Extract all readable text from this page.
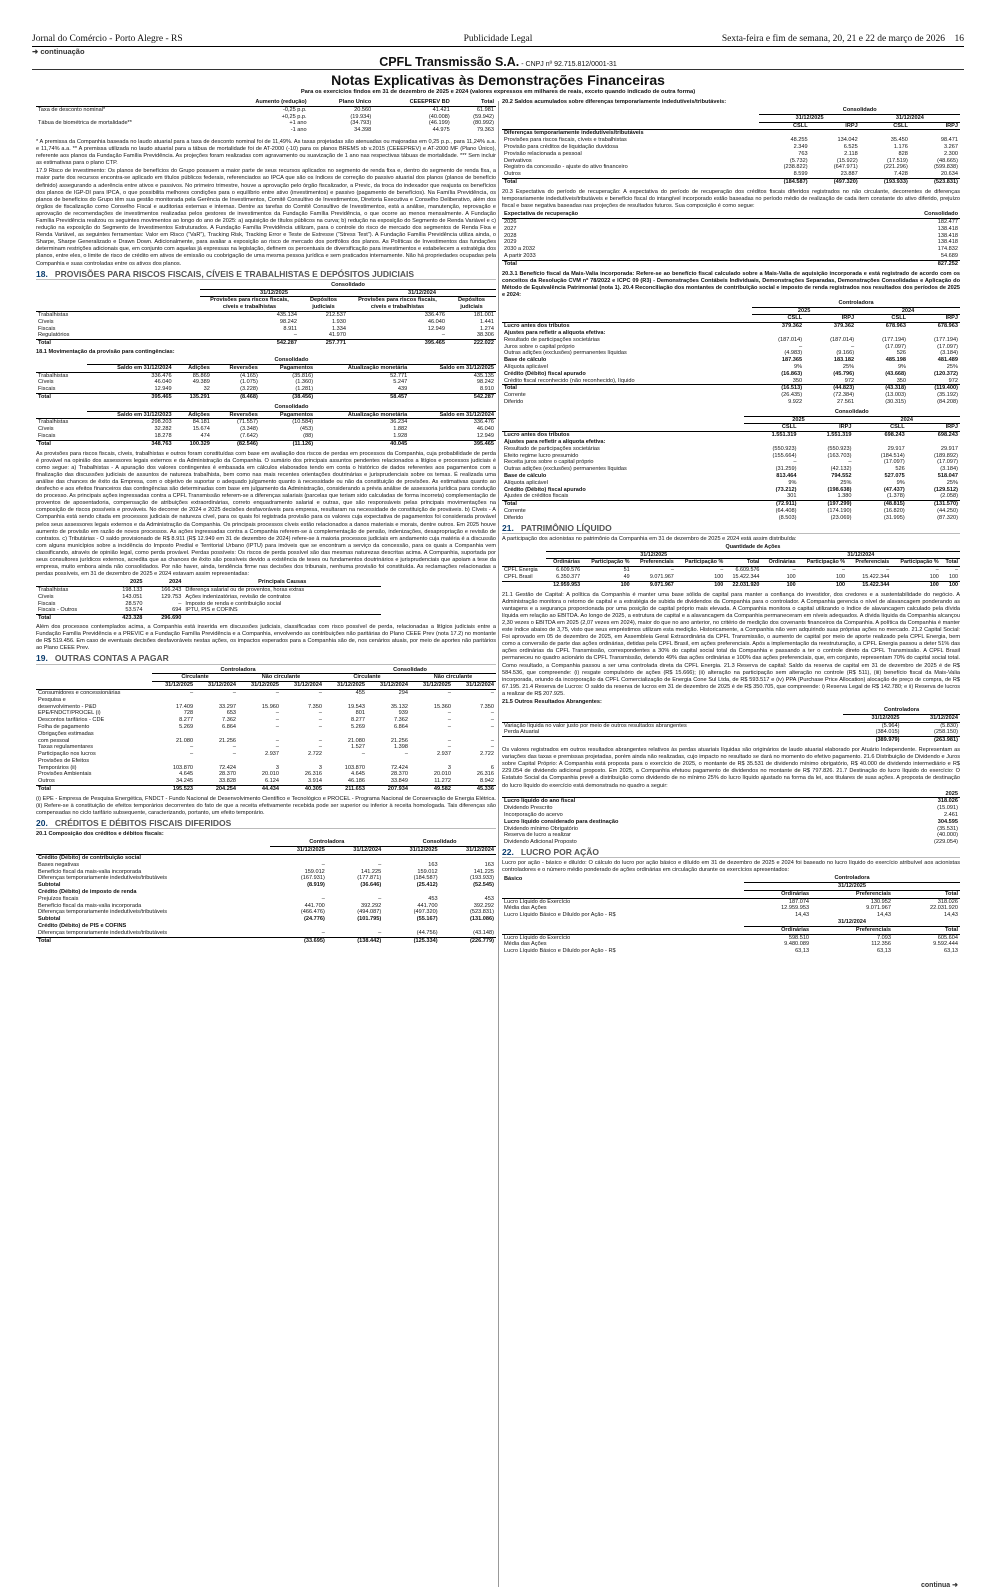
Jornal do Comércio - Porto Alegre - RS	Publicidade Legal	Sexta-feira e fim de semana, 20, 21 e 22 de março de 2026 16
➜ continuação
CPFL Transmissão S.A. - CNPJ nº 92.715.812/0001-31
Notas Explicativas às Demonstrações Financeiras
Para os exercícios findos em 31 de dezembro de 2025 e 2024 (valores expressos em milhares de reais, exceto quando indicado de outra forma)
	Aumento (redução)	Plano Único	CEEEPREV BD	Total
Taxa de desconto nominal*	-0,25 p.p.	20.560	41.421	61.981
	+0,25 p.p.	(19.934)	(40.008)	(59.942)
Tábua de biométrica de mortalidade**	+1 ano	(34.793)	(46.199)	(80.992)
	-1 ano	34.398	44.975	79.363

* A premissa da Companhia baseada no laudo atuarial para a taxa de desconto nominal foi de 11,49%. As taxas projetadas são atenuadas ou majoradas em 0,25 p.p., para 11,24% a.a. e 11,74% a.a. ** A premissa utilizada no laudo atuarial para a tábua de mortalidade foi de AT-2000 (-10) para os planos BREMS sb v.2015 (CEEEPREV) e AT-2000 MF (Plano Único), referente aos planos da Fundação Família Previdência. As projeções foram realizadas com agravamento ou suavização de 1 ano nas respectivas tábuas de mortalidade. *** Sem incluir as estimativas para o plano CTP.

17.9 Risco de investimento: Os planos de benefícios do Grupo possuem a maior parte de seus recursos aplicados no segmento de renda fixa e, dentro do segmento de renda fixa, a maior parte dos recursos encontra-se aplicado em títulos públicos federais, referenciados ao IPCA que são os índices de correção do passivo atuarial dos planos (planos de benefício definido) assegurando a aderência entre ativos e passivos. No primeiro trimestre, houve a aprovação pelo órgão fiscalizador, a Previc, da troca do indexador que reajusta os benefícios dos planos de IGP-DI para IPCA, o que possibilita melhores condições para o equilíbrio entre ativo (investimentos) e passivo (pagamento de benefícios). Na Família Previdência, os planos de benefícios do Grupo têm sua gestão monitorada pela Gerência de Investimentos, Comitê Consultivo de Investimentos, Diretoria Executiva e Conselho Deliberativo, além dos órgãos de fiscalização como Conselho Fiscal e auditorias externas e internas. Dentre as tarefas do Comitê Consultivo de Investimentos, está a análise, manutenção, reprovação e aprovação de recomendações de investimentos realizadas pelos gestores de investimentos da Fundação Família Previdência, o que ocorre ao menos mensalmente. A Fundação Família Previdência realizou os seguintes movimentos ao longo do ano de 2025: a) aquisição de títulos públicos na curva; b) redução na exposição do Segmento de Renda Variável e c) redução na exposição do Segmento de Investimentos Estruturados. A Fundação Família Previdência utilizam, para o controle do risco de mercado dos segmentos de Renda Fixa e Renda Variável, as seguintes ferramentas: Valor em Risco (“VaR”), Tracking Risk, Tracking Error e Teste de Estresse (“Stress Test”). A Fundação Família Previdência utiliza ainda, o Sharpe, Sharpe Generalizado e Drawn Down. Adicionalmente, para avaliar a exposição ao risco de mercado dos portfólios dos planos. As Políticas de Investimentos das fundações determinam restrições adicionais que, em conjunto com aquelas já expressas na legislação, definem os percentuais de diversificação para investimentos e estabelecem a estratégia dos planos, entre eles, o limite de risco de crédito em ativos de emissão ou coobrigação de uma mesma pessoa jurídica e sem praticados internamente. Não há propriedades ocupadas pela Companhia e suas controladas entre os ativos dos planos.

18. PROVISÕES PARA RISCOS FISCAIS, CÍVEIS E TRABALHISTAS E DEPÓSITOS JUDICIAIS
	Consolidado			
	31/12/2025		31/12/2024	
	Provisões para riscos fiscais, cíveis e trabalhistas	Depósitos judiciais	Provisões para riscos fiscais, cíveis e trabalhistas	Depósitos judiciais
Trabalhistas	435.134	212.537	336.476	181.001
Cíveis	98.242	1.930	46.040	1.441
Fiscais	8.911	1.334	12.949	1.274
Regulatórios	–	41.970	–	38.306
Total	542.287	257.771	395.465	222.022

18.1 Movimentação da provisão para contingências:

	Consolidado					
	Saldo em 31/12/2024	Adições	Reversões	Pagamentos	Atualização monetária	Saldo em 31/12/2025
Trabalhistas	336.476	85.869	(4.165)	(35.816)	52.771	435.135
Cíveis	46.040	49.389	(1.075)	(1.360)	5.247	98.242
Fiscais	12.949	32	(3.228)	(1.281)	439	8.910
Total	395.465	135.291	(8.468)	(38.456)	58.457	542.287
	Consolidado					
	Saldo em 31/12/2023	Adições	Reversões	Pagamentos	Atualização monetária	Saldo em 31/12/2024
Trabalhistas	298.203	84.181	(71.557)	(10.584)	36.234	336.476
Cíveis	32.282	15.674	(3.348)	(453)	1.882	46.040
Fiscais	18.278	474	(7.642)	(88)	1.928	12.949
Total	348.763	100.329	(82.546)	(11.126)	40.045	395.465

As provisões para riscos fiscais, cíveis, trabalhistas e outros foram constituídas com base em avaliação dos riscos de perdas em processos da Companhia, cuja probabilidade de perda é provável na opinião dos assessores legais externos e da Administração da Companhia. O sumário dos principais assuntos pendentes relacionados a litígios e processos judiciais é como segue: a) Trabalhistas - A apuração dos valores contingentes é embasada em cálculos elaborados tendo em conta o histórico de dados referentes aos pagamentos com a finalização das discussões judiciais de assuntos de natureza trabalhista, bem como nas mais recentes orientações doutrinárias e jurisprudenciais sobre os temas. É realizada uma análise das chances de êxito da Empresa, com o objetivo de suportar o adequado julgamento quanto à necessidade ou não da constituição de provisões. As estimativas quanto ao desfecho e aos efeitos financeiros das contingências são determinadas com base em julgamento da Administração, considerando a prévia análise de assessoria jurídica para condução do processo. As principais ações ingressadas contra a CPFL Transmissão referem-se a diferenças salariais (parcelas que teriam sido calculadas de forma incorreta) complementação de proventos de aposentadoria, compensação de atribuições extraordinárias, correto enquadramento salarial e outras, que são responsáveis pelas principais movimentações na composição de riscos possíveis e prováveis. No decorrer de 2024 e 2025 decisões desfavoráveis para empresa, resultaram na necessidade de constituição de prováveis. b) Cíveis - A Companhia está sendo citada em processos judiciais de natureza cível, para os quais foi registrada provisão para os valores cuja expectativa de pagamentos foi considerada provável pelos seus assessores legais externos e da Administração da Companhia. Os principais processos cíveis estão relacionados a danos materiais e morais, dentre outros. Em 2025 houve aumento de provisão em razão de novos processos. As ações ingressadas contra a Companhia referem-se à complementação de pensão, indenizações, desapropriação e revisão de contratos. c) Tributárias - O saldo provisionado de R$ 8.911 (R$ 12.949 em 31 de dezembro de 2024) refere-se à maioria processos judiciais em andamento cuja matéria é a discussão com alguns municípios sobre a incidência do Imposto Predial e Territorial Urbano (IPTU) para imóveis que se encontram a serviço da concessão, para os quais a Companhia vem classificando, através de opinião legal, como perda provável. Perdas possíveis: Os riscos de perda possível são das mesmas naturezas descritas acima. A Companhia, suportada por seus consultores jurídicos externos, acredita que as chances de êxito são possíveis devido a existência de teses ou fundamentos doutrinários e jurisprudenciais que apoiam a tese da empresa, muito embora ainda não consolidados. Por não haver, ainda, tendência firme nas decisões dos tribunais, nenhuma provisão foi constituída. As reclamações relacionadas a perdas possíveis, em 31 de dezembro de 2025 e 2024 estavam assim representadas:

	2025	2024	Principais Causas
Trabalhistas	198.133	166.243	Diferença salarial ou de proventos, horas extras
Cíveis	143.051	129.753	Ações indenizatórias, revisão de contratos
Fiscais	28.570	–	Imposto de renda e contribuição social
Fiscais - Outros	53.574	694	IPTU, PIS e COFINS
Total	423.328	296.690	

Além dos processos contemplados acima, a Companhia está inserida em discussões judiciais, classificadas com risco possível de perda, relacionadas a litígios judiciais entre a Fundação Família Previdência e a PREVIC e a Fundação Família Previdência e a Companhia, envolvendo as contribuições não paritárias do Plano CEEE Prev (nota 17.2) no montante de R$ 519.456. Em caso de eventuais decisões desfavoráveis nestas ações, os impactos esperados para a Companhia são de, nos cenários atuais, por meio de aportes não paritários ao Plano CEEE Prev.

19. OUTRAS CONTAS A PAGAR
	Controladora				Consolidado			
	Circulante		Não circulante		Circulante		Não circulante	
	31/12/2025	31/12/2024	31/12/2025	31/12/2024	31/12/2025	31/12/2024	31/12/2025	31/12/2024
Consumidores e concessionárias	–	–	–	–	455	294	–	–
Pesquisa e								
desenvolvimento - P&D	17.409	33.297	15.960	7.350	19.543	35.132	15.360	7.350
EPE/FNDCT/PROCEL (i)	728	653	–	–	801	939	–	–
Descontos tarifários - CDE	8.277	7.362	–	–	8.277	7.362	–	–
Folha de pagamento	5.269	6.864	–	–	5.269	6.864	–	–
Obrigações estimadas								
com pessoal	21.080	21.256	–	–	21.080	21.256	–	–
Taxas regulamentares	–	–	–	–	1.527	1.398	–	–
Participação nos lucros	–	–	2.937	2.722	–	–	2.937	2.722
Provisões de Efeitos								
Temporários (ii)	103.870	72.424	3	3	103.870	72.424	3	6
Provisões Ambientais	4.645	28.370	20.010	26.316	4.645	28.370	20.010	26.316
Outros	34.245	33.828	6.124	3.914	46.186	33.849	11.272	8.942
Total	195.523	204.254	44.434	40.305	211.653	207.934	49.582	45.336

(i) EPE - Empresa de Pesquisa Energética, FNDCT - Fundo Nacional de Desenvolvimento Científico e Tecnológico e PROCEL - Programa Nacional de Conservação de Energia Elétrica. (ii) Refere-se à constituição de efeitos temporários decorrentes do fato de que a receita efetivamente recebida pode ser superior ou inferior à receita homologada. Tais diferenças são compensadas no ciclo tarifário subsequente, caracterizando, portanto, um efeito temporário.

20. CRÉDITOS E DÉBITOS FISCAIS DIFERIDOS

20.1 Composição dos créditos e débitos fiscais:

	Controladora		Consolidado	
	31/12/2025	31/12/2024	31/12/2025	31/12/2024
Crédito (Débito) de contribuição social				
Bases negativas	–	–	163	163
Benefício fiscal da mais-valia incorporada	159.012	141.225	159.012	141.225
Diferenças temporariamente indedutíveis/tributáveis	(167.931)	(177.871)	(184.587)	(193.933)
Subtotal	(8.919)	(36.646)	(25.412)	(52.545)
Crédito (Débito) de imposto de renda				
Prejuízos fiscais	–	–	453	453
Benefício fiscal da mais-valia incorporada	441.700	392.292	441.700	392.292
Diferenças temporariamente indedutíveis/tributáveis	(466.476)	(494.087)	(497.320)	(523.831)
Subtotal	(24.776)	(101.795)	(55.167)	(131.086)
Crédito (Débito) de PIS e COFINS				
Diferenças temporariamente indedutíveis/tributáveis	–	–	(44.756)	(43.148)
Total	(33.695)	(138.442)	(125.334)	(226.779)

20.2 Saldos acumulados sobre diferenças temporariamente indedutíveis/tributáveis:

	Consolidado			
	31/12/2025		31/12/2024	
	CSLL	IRPJ	CSLL	IRPJ
Diferenças temporariamente indedutíveis/tributáveis				
Provisões para riscos fiscais, cíveis e trabalhistas	48.255	134.042	35.450	98.471
Provisão para créditos de liquidação duvidosa	2.349	6.525	1.176	3.267
Provisão relacionada a pessoal	763	2.118	828	2.300
Derivativos	(5.732)	(15.922)	(17.519)	(48.665)
Registro da concessão - ajuste do ativo financeiro	(238.822)	(647.971)	(221.296)	(599.838)
Outros	8.599	23.887	7.428	20.634
Total	(184.587)	(497.320)	(193.933)	(523.831)

20.3 Expectativa do período de recuperação: A expectativa do período de recuperação dos créditos fiscais diferidos registrados no não circulante, decorrentes de diferenças temporariamente indedutíveis/tributáveis e benefício fiscal do intangível incorporado estão baseadas no período médio de realização de cada item constante do ativo diferido, prejuízo fiscal e base negativa baseadas nas projeções de resultados futuros. Sua composição é como segue:

Expectativa de recuperação	Consolidado
2026	182.477
2027	138.418
2028	138.418
2029	138.418
2030 a 2032	174.832
A partir 2033	54.689
Total	827.252

20.3.1 Benefício fiscal da Mais-Valia incorporada: Refere-se ao benefício fiscal calculado sobre a Mais-Valia de aquisição incorporada e está registrado de acordo com os conceitos da Resolução CVM nº 78/2022 e ICPC 09 (R3) - Demonstrações Contábeis Individuais, Demonstrações Separadas, Demonstrações Consolidadas e Aplicação do Método de Equivalência Patrimonial (nota 1). 20.4 Reconciliação dos montantes de contribuição social e imposto de renda registrados nos resultados dos períodos de 2025 e 2024:

	Controladora			
	2025		2024	
	CSLL	IRPJ	CSLL	IRPJ
Lucro antes dos tributos	379.362	379.362	678.963	678.963
Ajustes para refletir a alíquota efetiva:				
Resultado de participações societárias	(187.014)	(187.014)	(177.194)	(177.194)
Juros sobre o capital próprio	–	–	(17.097)	(17.097)
Outras adições (exclusões) permanentes líquidas	(4.983)	(9.166)	526	(3.184)
Base de cálculo	187.365	183.182	485.198	481.489
Alíquota aplicável	9%	25%	9%	25%
Crédito (Débito) fiscal apurado	(16.863)	(45.796)	(43.668)	(120.372)
Crédito fiscal reconhecido (não reconhecido), líquido	350	972	350	972
Total	(16.513)	(44.823)	(43.318)	(119.400)
Corrente	(26.435)	(72.384)	(13.003)	(35.192)
Diferido	9.922	27.561	(30.315)	(84.208)
	Consolidado			
	2025		2024	
	CSLL	IRPJ	CSLL	IRPJ
Lucro antes dos tributos	1.551.319	1.551.319	698.243	698.243
Ajustes para refletir a alíquota efetiva:				
Resultado de participações societárias	(550.923)	(550.923)	29.917	29.917
Efeito regime lucro presumido	(155.664)	(163.703)	(184.514)	(189.892)
Receita juros sobre o capital próprio	–	–	(17.097)	(17.097)
Outras adições (exclusões) permanentes líquidas	(31.259)	(42.132)	526	(3.184)
Base de cálculo	813.464	794.552	527.075	518.047
Alíquota aplicável	9%	25%	9%	25%
Crédito (Débito) fiscal apurado	(73.212)	(198.638)	(47.437)	(129.512)
Ajustes de créditos fiscais	301	1.380	(1.378)	(2.058)
Total	(72.911)	(197.299)	(48.815)	(131.570)
Corrente	(64.408)	(174.190)	(16.820)	(44.250)
Diferido	(8.503)	(23.069)	(31.995)	(87.320)
21. PATRIMÔNIO LÍQUIDO

A participação dos acionistas no patrimônio da Companhia em 31 de dezembro de 2025 e 2024 está assim distribuída:

	Quantidade de Ações									
	31/12/2025					31/12/2024				
	Ordinárias	Participação %	Preferenciais	Participação %	Total	Ordinárias	Participação %	Preferenciais	Participação %	Total
CPFL Energia	6.609.576	51	–	–	6.609.576	–	–	–	–	–
CPFL Brasil	6.350.377	49	9.071.967	100	15.422.344	100	100	15.422.344	100	100
	12.959.953	100	9.071.967	100	22.031.920	100	100	15.422.344	100	100

21.1 Gestão de Capital: A política da Companhia é manter uma base sólida de capital para manter a confiança do investidor, dos credores e a sustentabilidade do negócio. A Administração monitora o retorno de capital e a estratégia de subida de dividendos da Companhia para o controlador. A Companhia gerencia o nível de alavancagem ponderando as vantagens e a segurança proporcionada por uma posição de capital próprio mais elevada. A Companhia monitora o capital utilizando o índice de alavancagem calculado pela dívida líquida em relação ao EBITDA. Ao longo de 2025, a estrutura de capital e a alavancagem da Companhia permaneceram em níveis adequados. A dívida líquida da Companhia alcançou 2,30 vezes o EBITDA em 2025 (2,07 vezes em 2024), maior do que no ano anterior, no critério de medição dos covenants financeiros da Companhia. A política da Companhia é manter este índice abaixo de 3,75, visto que seus empréstimos utilizam esta medição. Historicamente, a Companhia não vem adquirindo suas próprias ações no mercado. 21.2 Capital Social: Foi aprovado em 05 de dezembro de 2025, em Assembleia Geral Extraordinária da CPFL Transmissão, o aumento de capital por meio de aporte realizado pela CPFL Energia, bem como a conversão de parte das ações ordinárias, detidas pela CPFL Brasil, em ações preferenciais. Após a implementação da reestruturação, a CPFL Energia passou a deter 51% das ações ordinárias da CPFL Transmissão, correspondentes a 30% do capital social total da Companhia e passando a ter o controle direto da CPFL Transmissão. A CPFL Brasil permaneceu no quadro acionário da CPFL Transmissão, detendo 49% das ações ordinárias e 100% das ações preferenciais, que, em conjunto, representam 70% do capital social total. Como resultado, a Companhia passou a ser uma controlada direta da CPFL Energia. 21.3 Reserva de capital: Saldo da reserva de capital em 31 de dezembro de 2025 é de R$ 584.536, que compreende: (i) resgate compulsório de ações (R$ 15.666); (ii) alteração na participação sem alteração no controle (R$ 511), (iii) benefício fiscal da Mais-Valia incorporada, oriundo da incorporação da CPFL Comercialização de Energia Cone Sul Ltda, de R$ 593.517 e (iv) PPA (Purchase Price Allocation) alocação de preço de compra, de R$ 67.195. 21.4 Reserva de Lucros: O saldo da reserva de lucros em 31 de dezembro de 2025 é de R$ 350.705, que compreende: i) Reserva Legal de R$ 142.780; e ii) Reserva de lucros a realizar de R$ 207.925.

21.5 Outros Resultados Abrangentes:

	Controladora	
	31/12/2025	31/12/2024
Variação líquida no valor justo por meio de outros resultados abrangentes	(5.964)	(5.830)
Perda Atuarial	(384.015)	(258.150)
	(389.979)	(263.981)

Os valores registrados em outros resultados abrangentes relativos às perdas atuariais líquidas são originários de laudo atuarial elaborado por Atuário Independente. Representam as variações das taxas e premissas projetadas, porém ainda não realizadas, cujo impacto no resultado se dará no momento do efetivo pagamento. 21.6 Distribuição de Dividendo e Juros sobre Capital Próprio: A Companhia está proposta para o exercício de 2025, o montante de R$ 35.531 de dividendo mínimo obrigatório, R$ 40.000 de dividendo intermediário e R$ 229.054 de dividendo adicional proposto. Em 2025, a Companhia efetuou pagamento de dividendos no montante de R$ 797.826. 21.7 Destinação do lucro líquido do exercício: O Estatuto Social da Companhia prevê a distribuição como dividendo de no mínimo 25% do lucro líquido ajustado na forma da lei, aos titulares de suas ações. A proposta de destinação do lucro líquido do exercício está demonstrada no quadro a seguir:

	2025
Lucro líquido do ano fiscal	318.026
Dividendo Prescrito	(15.091)
Incorporação do acervo	2.461
Lucro líquido considerado para destinação	304.595
Dividendo mínimo Obrigatório	(35.531)
Reserva de lucro a realizar	(40.000)
Dividendo Adicional Proposto	(229.054)
22. LUCRO POR AÇÃO

Lucro por ação - básico e diluído: O cálculo do lucro por ação básico e diluído em 31 de dezembro de 2025 e 2024 foi baseado no lucro líquido do exercício atribuível aos acionistas controladores e o número médio ponderado de ações ordinárias em circulação durante os exercícios apresentados:

Básico	Controladora		
	31/12/2025		
	Ordinárias	Preferenciais	Total
Lucro Líquido do Exercício	187.074	130.952	318.026
Média das Ações	12.959.953	9.071.967	22.031.920
Lucro Líquido Básico e Diluído por Ação - R$	14,43	14,43	14,43
	31/12/2024		
	Ordinárias	Preferenciais	Total
Lucro Líquido do Exercício	598.510	7.093	605.604
Média das Ações	9.480.089	112.356	9.592.444
Lucro Líquido Básico e Diluído por Ação - R$	63,13	63,13	63,13
continua ➜
